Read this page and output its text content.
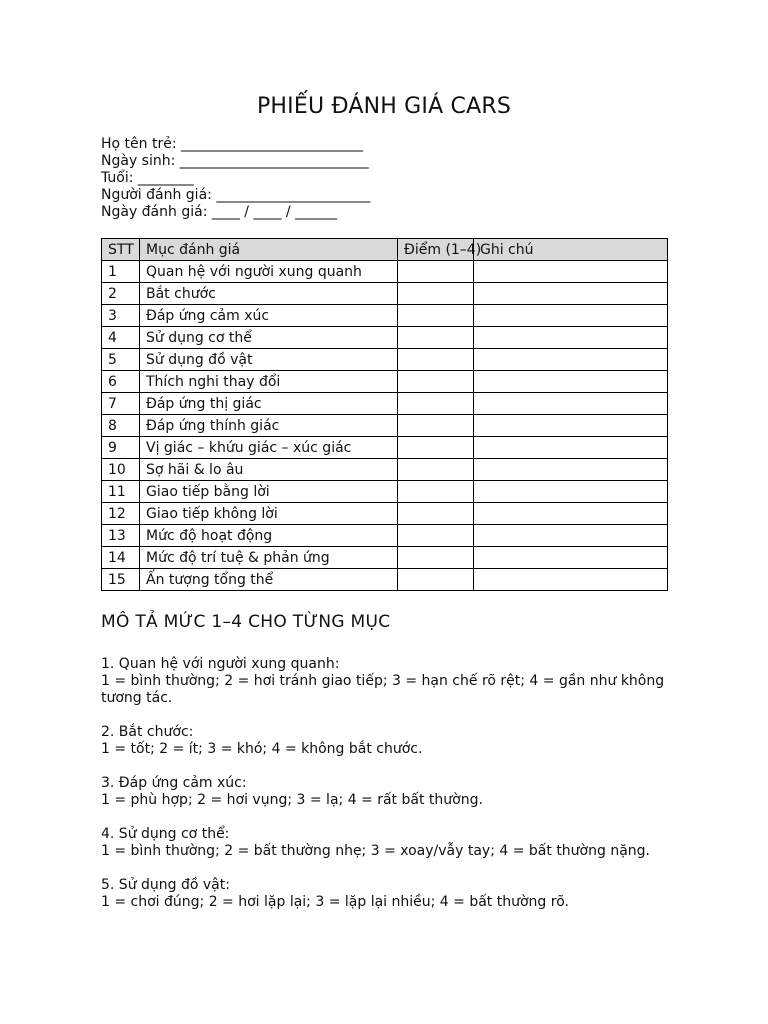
PHIẾU ĐÁNH GIÁ CARS
Họ tên trẻ: __________________________
Ngày sinh: ___________________________
Tuổi: ________
Người đánh giá: ______________________
Ngày đánh giá: ____ / ____ / ______
STT	Mục đánh giá	Điểm (1–4)	Ghi chú
1	Quan hệ với người xung quanh		
2	Bắt chước		
3	Đáp ứng cảm xúc		
4	Sử dụng cơ thể		
5	Sử dụng đồ vật		
6	Thích nghi thay đổi		
7	Đáp ứng thị giác		
8	Đáp ứng thính giác		
9	Vị giác – khứu giác – xúc giác		
10	Sợ hãi & lo âu		
11	Giao tiếp bằng lời		
12	Giao tiếp không lời		
13	Mức độ hoạt động		
14	Mức độ trí tuệ & phản ứng		
15	Ấn tượng tổng thể		
MÔ TẢ MỨC 1–4 CHO TỪNG MỤC
1. Quan hệ với người xung quanh:
1 = bình thường; 2 = hơi tránh giao tiếp; 3 = hạn chế rõ rệt; 4 = gần như không tương tác.
2. Bắt chước:
1 = tốt; 2 = ít; 3 = khó; 4 = không bắt chước.
3. Đáp ứng cảm xúc:
1 = phù hợp; 2 = hơi vụng; 3 = lạ; 4 = rất bất thường.
4. Sử dụng cơ thể:
1 = bình thường; 2 = bất thường nhẹ; 3 = xoay/vẫy tay; 4 = bất thường nặng.
5. Sử dụng đồ vật:
1 = chơi đúng; 2 = hơi lặp lại; 3 = lặp lại nhiều; 4 = bất thường rõ.
